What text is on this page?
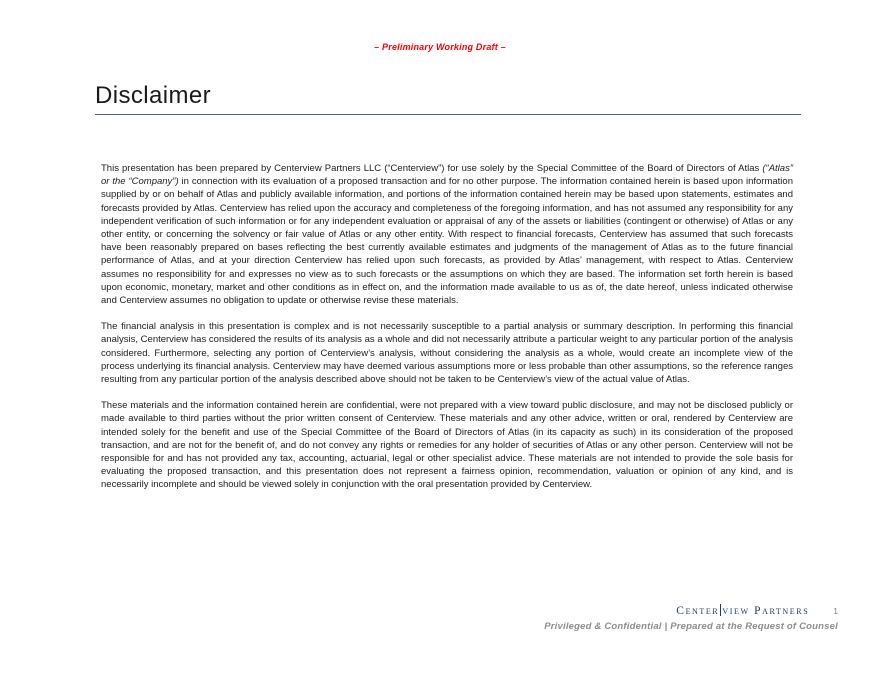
– Preliminary Working Draft –
Disclaimer

This presentation has been prepared by Centerview Partners LLC (“Centerview”) for use solely by the Special Committee of the Board of Directors of Atlas (“Atlas” or the “Company”) in connection with its evaluation of a proposed transaction and for no other purpose. The information contained herein is based upon information supplied by or on behalf of Atlas and publicly available information, and portions of the information contained herein may be based upon statements, estimates and forecasts provided by Atlas. Centerview has relied upon the accuracy and completeness of the foregoing information, and has not assumed any responsibility for any independent verification of such information or for any independent evaluation or appraisal of any of the assets or liabilities (contingent or otherwise) of Atlas or any other entity, or concerning the solvency or fair value of Atlas or any other entity. With respect to financial forecasts, Centerview has assumed that such forecasts have been reasonably prepared on bases reflecting the best currently available estimates and judgments of the management of Atlas as to the future financial performance of Atlas, and at your direction Centerview has relied upon such forecasts, as provided by Atlas’ management, with respect to Atlas. Centerview assumes no responsibility for and expresses no view as to such forecasts or the assumptions on which they are based. The information set forth herein is based upon economic, monetary, market and other conditions as in effect on, and the information made available to us as of, the date hereof, unless indicated otherwise and Centerview assumes no obligation to update or otherwise revise these materials.

The financial analysis in this presentation is complex and is not necessarily susceptible to a partial analysis or summary description. In performing this financial analysis, Centerview has considered the results of its analysis as a whole and did not necessarily attribute a particular weight to any particular portion of the analysis considered. Furthermore, selecting any portion of Centerview’s analysis, without considering the analysis as a whole, would create an incomplete view of the process underlying its financial analysis. Centerview may have deemed various assumptions more or less probable than other assumptions, so the reference ranges resulting from any particular portion of the analysis described above should not be taken to be Centerview’s view of the actual value of Atlas.

These materials and the information contained herein are confidential, were not prepared with a view toward public disclosure, and may not be disclosed publicly or made available to third parties without the prior written consent of Centerview. These materials and any other advice, written or oral, rendered by Centerview are intended solely for the benefit and use of the Special Committee of the Board of Directors of Atlas (in its capacity as such) in its consideration of the proposed transaction, and are not for the benefit of, and do not convey any rights or remedies for any holder of securities of Atlas or any other person. Centerview will not be responsible for and has not provided any tax, accounting, actuarial, legal or other specialist advice. These materials are not intended to provide the sole basis for evaluating the proposed transaction, and this presentation does not represent a fairness opinion, recommendation, valuation or opinion of any kind, and is necessarily incomplete and should be viewed solely in conjunction with the oral presentation provided by Centerview.

Center view Partners	1
Privileged & Confidential | Prepared at the Request of Counsel
